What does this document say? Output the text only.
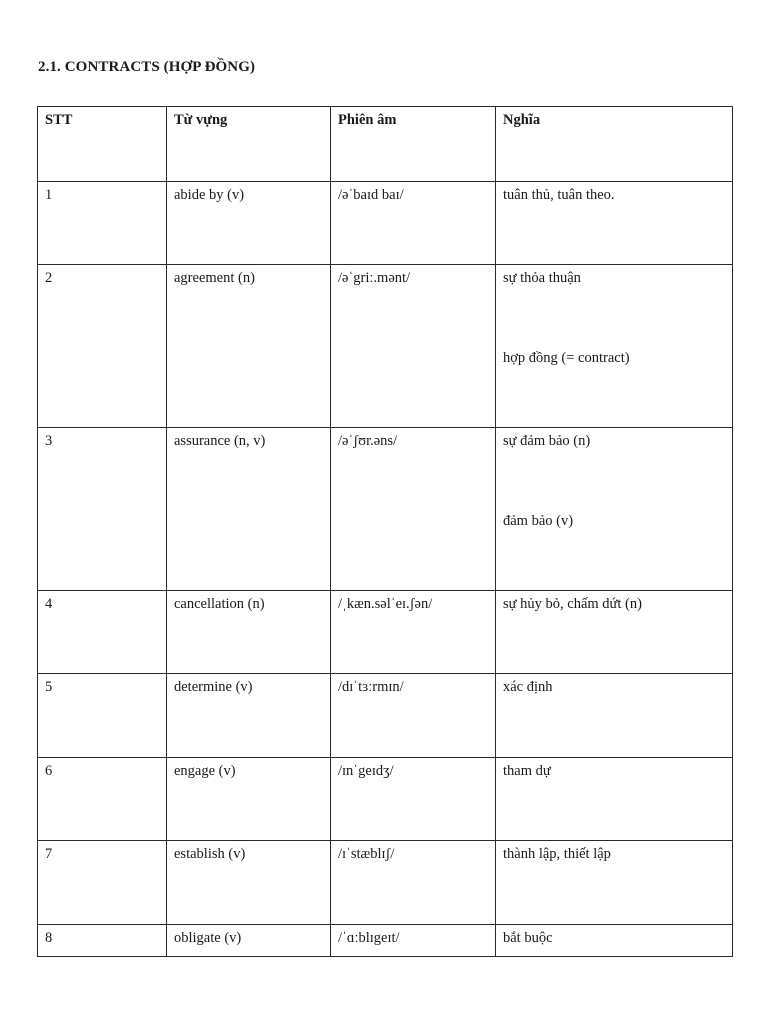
2.1. CONTRACTS (HỢP ĐỒNG)
STT	Từ vựng	Phiên âm	Nghĩa
1	abide by (v)	/əˈbaɪd baɪ/	tuân thủ, tuân theo.
2	agreement (n)	/əˈgriː.mənt/	sự thỏa thuận
hợp đồng (= contract)
3	assurance (n, v)	/əˈʃʊr.əns/	sự đảm bảo (n)
đảm bảo (v)
4	cancellation (n)	/ˌkæn.səlˈeɪ.ʃən/	sự hủy bỏ, chấm dứt (n)
5	determine (v)	/dɪˈtɜːrmɪn/	xác định
6	engage (v)	/ɪnˈgeɪdʒ/	tham dự
7	establish (v)	/ɪˈstæblɪʃ/	thành lập, thiết lập
8	obligate (v)	/ˈɑːblɪgeɪt/	bắt buộc
